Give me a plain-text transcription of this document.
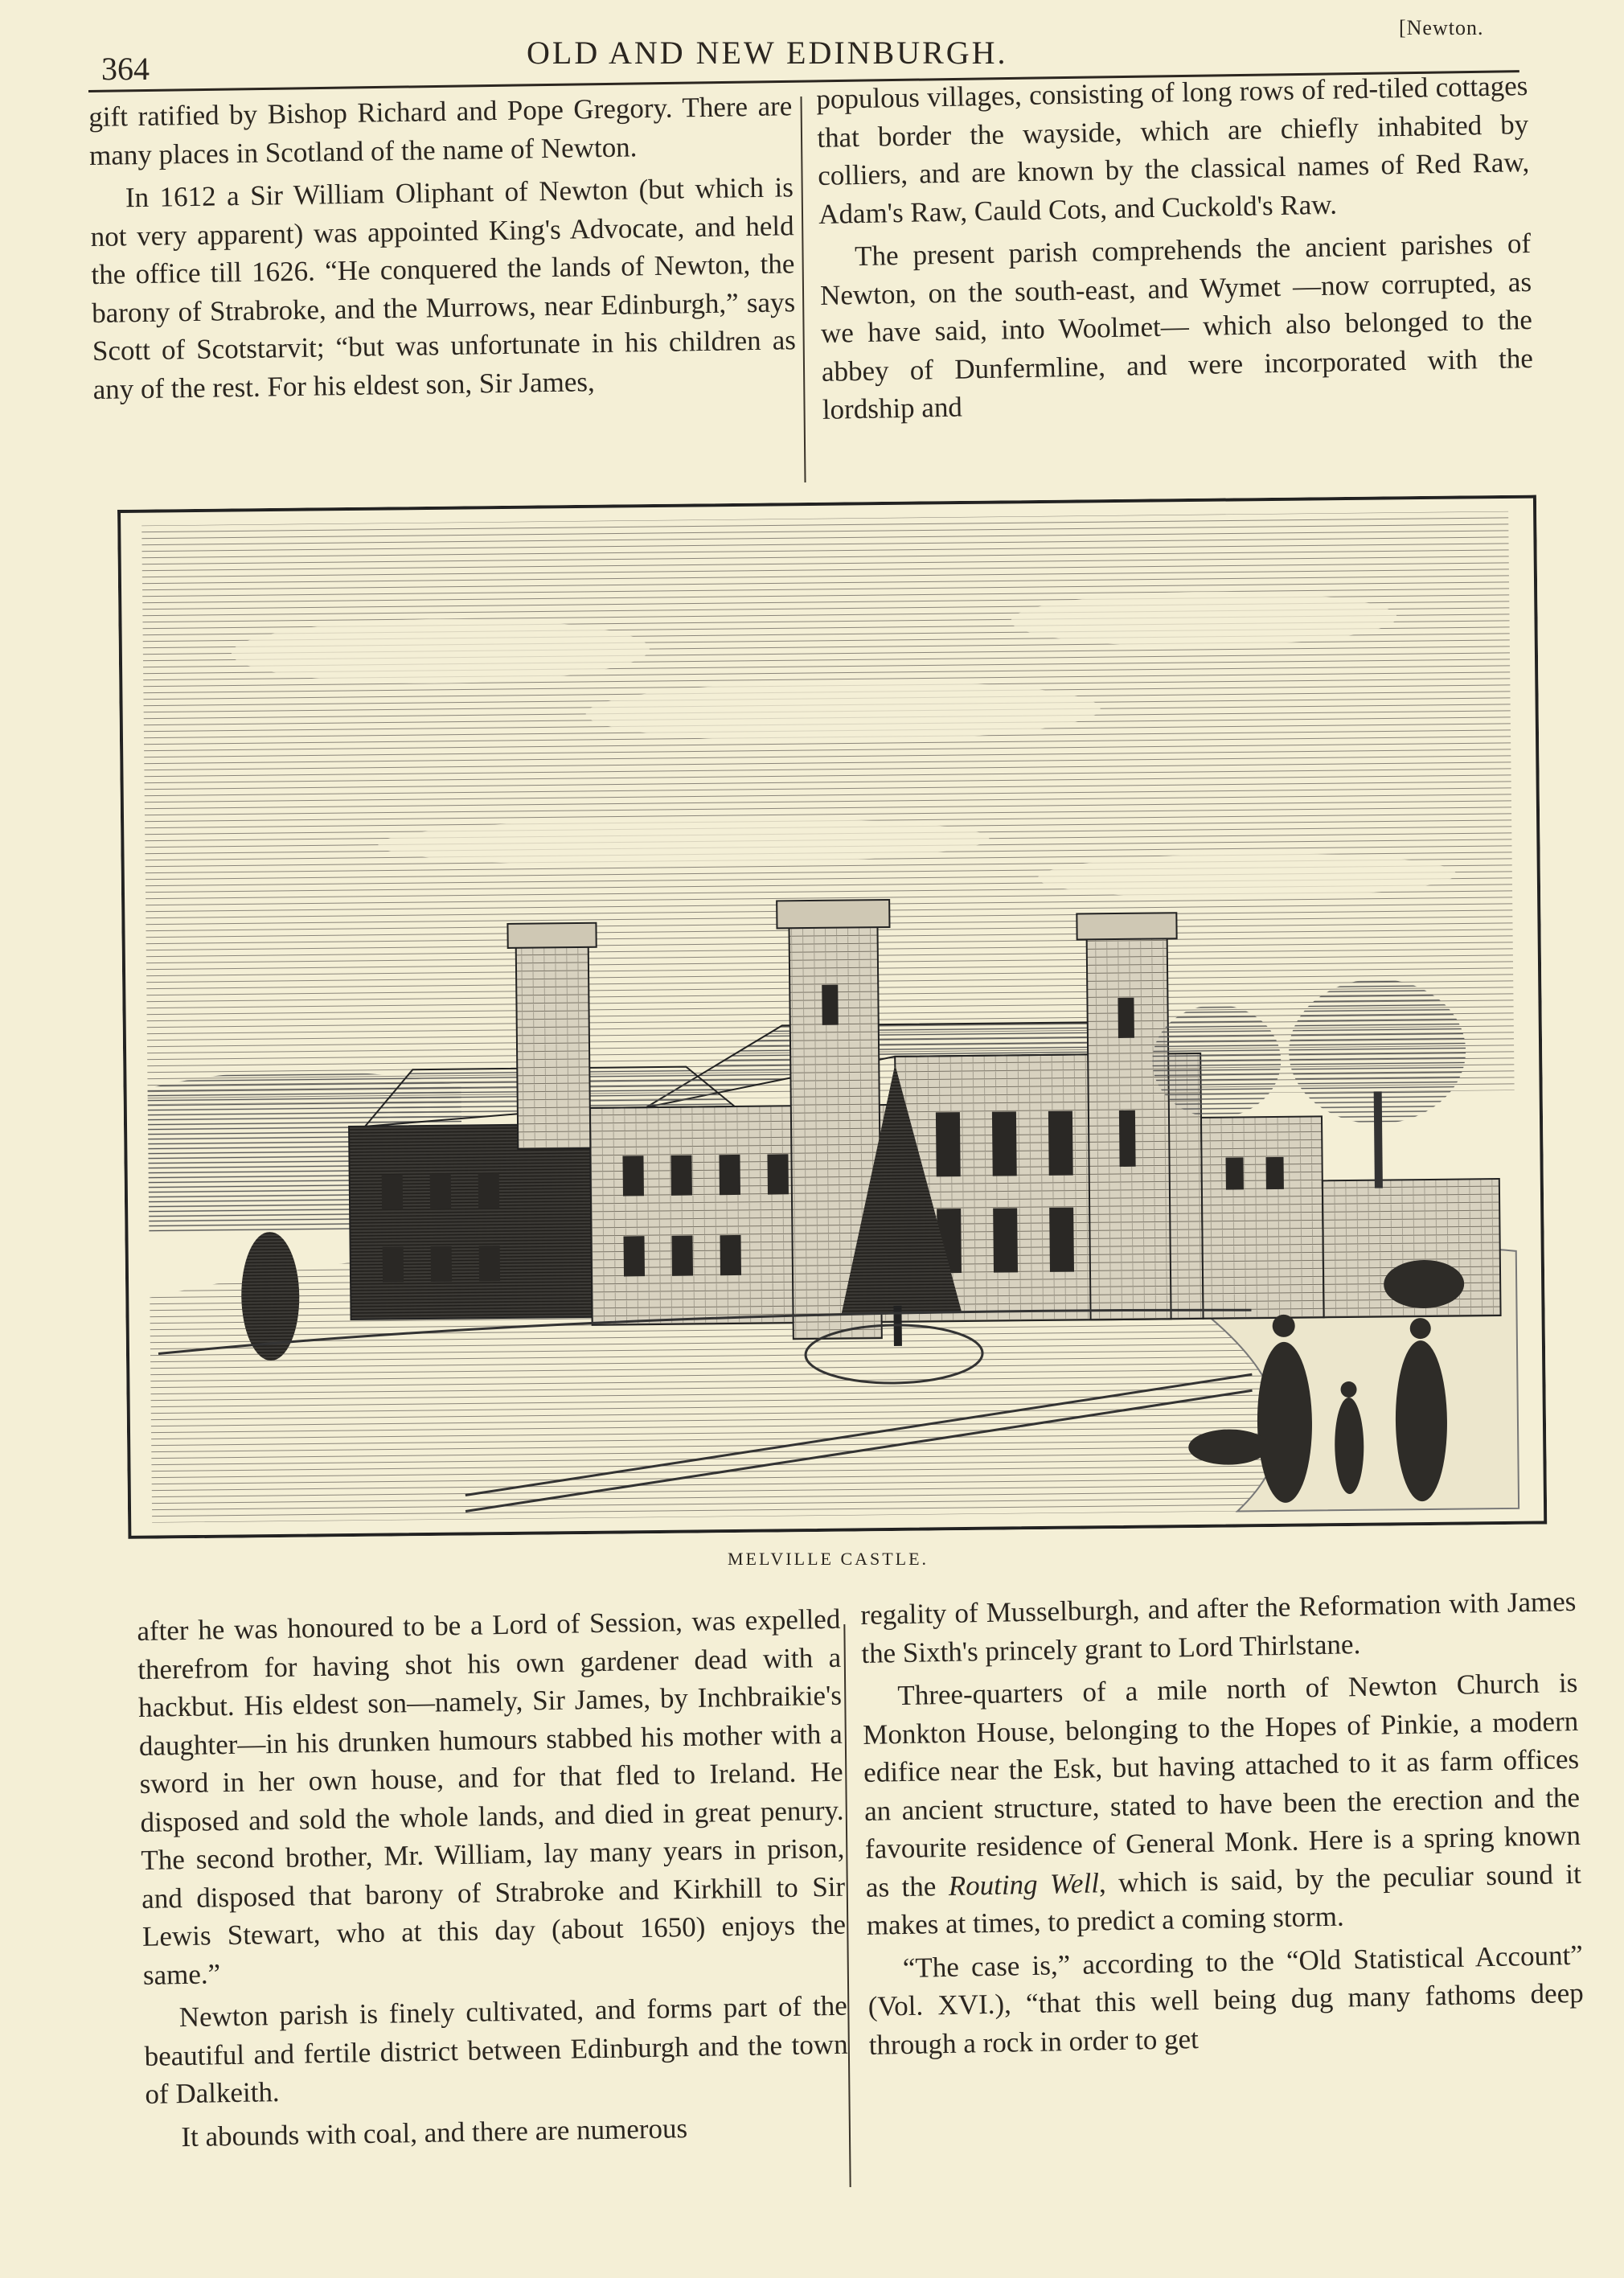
364	OLD AND NEW EDINBURGH.
[Newton.

gift ratified by Bishop Richard and Pope Gregory. There are many places in Scotland of the name of Newton.

In 1612 a Sir William Oliphant of Newton (but which is not very apparent) was appointed King's Advocate, and held the office till 1626. “He conquered the lands of Newton, the barony of Strabroke, and the Murrows, near Edinburgh,” says Scott of Scotstarvit; “but was unfortunate in his children as any of the rest. For his eldest son, Sir James,

populous villages, consisting of long rows of red-tiled cottages that border the wayside, which are chiefly inhabited by colliers, and are known by the classical names of Red Raw, Adam's Raw, Cauld Cots, and Cuckold's Raw.

The present parish comprehends the ancient parishes of Newton, on the south-east, and Wymet —now corrupted, as we have said, into Woolmet— which also belonged to the abbey of Dunfermline, and were incorporated with the lordship and

MELVILLE CASTLE.

after he was honoured to be a Lord of Session, was expelled therefrom for having shot his own gardener dead with a hackbut. His eldest son—namely, Sir James, by Inchbraikie's daughter—in his drunken humours stabbed his mother with a sword in her own house, and for that fled to Ireland. He disposed and sold the whole lands, and died in great penury. The second brother, Mr. William, lay many years in prison, and disposed that barony of Strabroke and Kirkhill to Sir Lewis Stewart, who at this day (about 1650) enjoys the same.”

Newton parish is finely cultivated, and forms part of the beautiful and fertile district between Edinburgh and the town of Dalkeith.

It abounds with coal, and there are numerous

regality of Musselburgh, and after the Reformation with James the Sixth's princely grant to Lord Thirlstane.

Three-quarters of a mile north of Newton Church is Monkton House, belonging to the Hopes of Pinkie, a modern edifice near the Esk, but having attached to it as farm offices an ancient structure, stated to have been the erection and the favourite residence of General Monk. Here is a spring known as the Routing Well, which is said, by the peculiar sound it makes at times, to predict a coming storm.

“The case is,” according to the “Old Statistical Account” (Vol. XVI.), “that this well being dug many fathoms deep through a rock in order to get
